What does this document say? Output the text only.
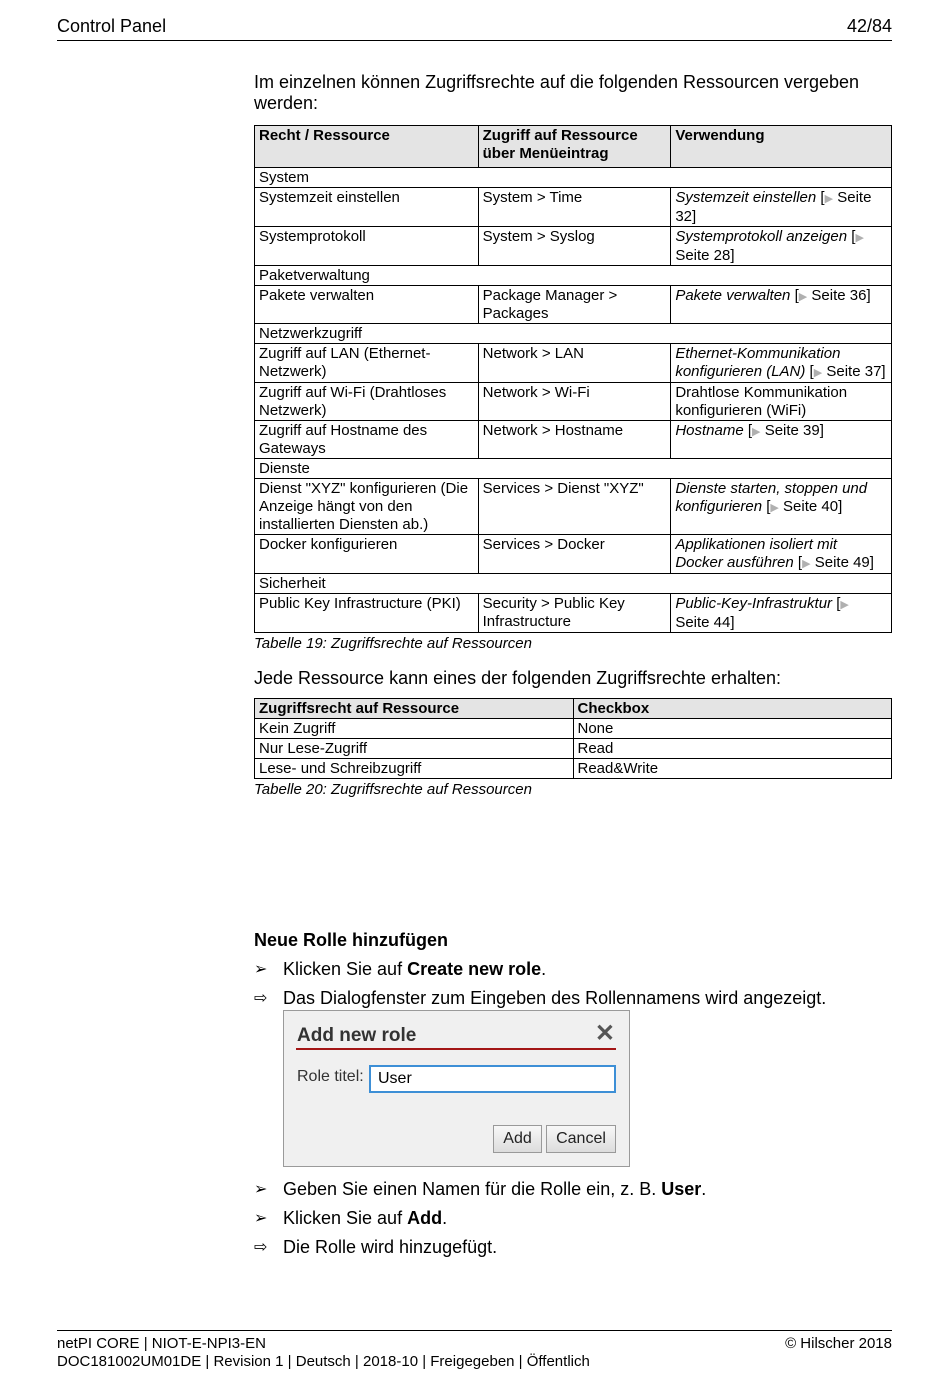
Control Panel	42/84

Im einzelnen können Zugriffsrechte auf die folgenden Ressourcen vergeben werden:

Recht / Ressource	Zugriff auf Ressource über Menüeintrag	Verwendung
System		
Systemzeit einstellen	System > Time	Systemzeit einstellen [▶ Seite 32]
Systemprotokoll	System > Syslog	Systemprotokoll anzeigen [▶ Seite 28]
Paketverwaltung		
Pakete verwalten	Package Manager > Packages	Pakete verwalten [▶ Seite 36]
Netzwerkzugriff		
Zugriff auf LAN (Ethernet-Netzwerk)	Network > LAN	Ethernet-Kommunikation konfigurieren (LAN) [▶ Seite 37]
Zugriff auf Wi-Fi (Drahtloses Netzwerk)	Network > Wi-Fi	Drahtlose Kommunikation konfigurieren (WiFi)
Zugriff auf Hostname des Gateways	Network > Hostname	Hostname [▶ Seite 39]
Dienste		
Dienst "XYZ" konfigurieren (Die Anzeige hängt von den installierten Diensten ab.)	Services > Dienst "XYZ"	Dienste starten, stoppen und konfigurieren [▶ Seite 40]
Docker konfigurieren	Services > Docker	Applikationen isoliert mit Docker ausführen [▶ Seite 49]
Sicherheit		
Public Key Infrastructure (PKI)	Security > Public Key Infrastructure	Public-Key-Infrastruktur [▶ Seite 44]

Tabelle 19: Zugriffsrechte auf Ressourcen

Jede Ressource kann eines der folgenden Zugriffsrechte erhalten:

Zugriffsrecht auf Ressource	Checkbox
Kein Zugriff	None
Nur Lese-Zugriff	Read
Lese- und Schreibzugriff	Read&Write

Tabelle 20: Zugriffsrechte auf Ressourcen

Neue Rolle hinzufügen

➢ Klicken Sie auf Create new role.
⇨ Das Dialogfenster zum Eingeben des Rollennamens wird angezeigt.
Add new role	✕
Role titel:
User
Add	Cancel
➢ Geben Sie einen Namen für die Rolle ein, z. B. User.
➢ Klicken Sie auf Add.
⇨ Die Rolle wird hinzugefügt.
netPI CORE | NIOT-E-NPI3-EN
DOC181002UM01DE | Revision 1 | Deutsch | 2018-10 | Freigegeben | Öffentlich
© Hilscher 2018
